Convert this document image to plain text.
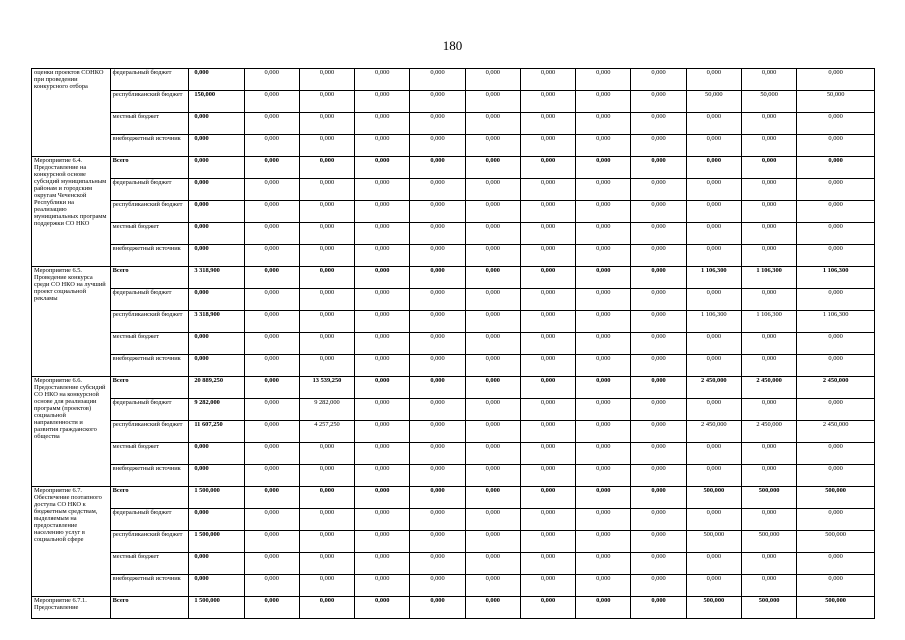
180
оценки проектов СОНКО при проведении конкурсного отбора	федеральный бюджет	0,000	0,000	0,000	0,000	0,000	0,000	0,000	0,000	0,000	0,000	0,000	0,000
	республиканский бюджет	150,000	0,000	0,000	0,000	0,000	0,000	0,000	0,000	0,000	50,000	50,000	50,000
	местный бюджет	0,000	0,000	0,000	0,000	0,000	0,000	0,000	0,000	0,000	0,000	0,000	0,000
	внебюджетный источник	0,000	0,000	0,000	0,000	0,000	0,000	0,000	0,000	0,000	0,000	0,000	0,000
Мероприятие 6.4. Предоставление на конкурсной основе субсидий муниципальным районам и городским округам Чеченской Республики на реализацию муниципальных программ поддержки СО НКО	Всего	0,000	0,000	0,000	0,000	0,000	0,000	0,000	0,000	0,000	0,000	0,000	0,000
	федеральный бюджет	0,000	0,000	0,000	0,000	0,000	0,000	0,000	0,000	0,000	0,000	0,000	0,000
	республиканский бюджет	0,000	0,000	0,000	0,000	0,000	0,000	0,000	0,000	0,000	0,000	0,000	0,000
	местный бюджет	0,000	0,000	0,000	0,000	0,000	0,000	0,000	0,000	0,000	0,000	0,000	0,000
	внебюджетный источник	0,000	0,000	0,000	0,000	0,000	0,000	0,000	0,000	0,000	0,000	0,000	0,000
Мероприятие 6.5. Проведение конкурса среди СО НКО на лучший проект социальной рекламы	Всего	3 318,900	0,000	0,000	0,000	0,000	0,000	0,000	0,000	0,000	1 106,300	1 106,300	1 106,300
	федеральный бюджет	0,000	0,000	0,000	0,000	0,000	0,000	0,000	0,000	0,000	0,000	0,000	0,000
	республиканский бюджет	3 318,900	0,000	0,000	0,000	0,000	0,000	0,000	0,000	0,000	1 106,300	1 106,300	1 106,300
	местный бюджет	0,000	0,000	0,000	0,000	0,000	0,000	0,000	0,000	0,000	0,000	0,000	0,000
	внебюджетный источник	0,000	0,000	0,000	0,000	0,000	0,000	0,000	0,000	0,000	0,000	0,000	0,000
Мероприятие 6.6. Предоставление субсидий СО НКО на конкурсной основе для реализации программ (проектов) социальной направленности и развития гражданского общества	Всего	20 889,250	0,000	13 539,250	0,000	0,000	0,000	0,000	0,000	0,000	2 450,000	2 450,000	2 450,000
	федеральный бюджет	9 282,000	0,000	9 282,000	0,000	0,000	0,000	0,000	0,000	0,000	0,000	0,000	0,000
	республиканский бюджет	11 607,250	0,000	4 257,250	0,000	0,000	0,000	0,000	0,000	0,000	2 450,000	2 450,000	2 450,000
	местный бюджет	0,000	0,000	0,000	0,000	0,000	0,000	0,000	0,000	0,000	0,000	0,000	0,000
	внебюджетный источник	0,000	0,000	0,000	0,000	0,000	0,000	0,000	0,000	0,000	0,000	0,000	0,000
Мероприятие 6.7. Обеспечение поэтапного доступа СО НКО к бюджетным средствам, выделяемым на предоставление населению услуг в социальной сфере	Всего	1 500,000	0,000	0,000	0,000	0,000	0,000	0,000	0,000	0,000	500,000	500,000	500,000
	федеральный бюджет	0,000	0,000	0,000	0,000	0,000	0,000	0,000	0,000	0,000	0,000	0,000	0,000
	республиканский бюджет	1 500,000	0,000	0,000	0,000	0,000	0,000	0,000	0,000	0,000	500,000	500,000	500,000
	местный бюджет	0,000	0,000	0,000	0,000	0,000	0,000	0,000	0,000	0,000	0,000	0,000	0,000
	внебюджетный источник	0,000	0,000	0,000	0,000	0,000	0,000	0,000	0,000	0,000	0,000	0,000	0,000
Мероприятие 6.7.1. Предоставление	Всего	1 500,000	0,000	0,000	0,000	0,000	0,000	0,000	0,000	0,000	500,000	500,000	500,000
